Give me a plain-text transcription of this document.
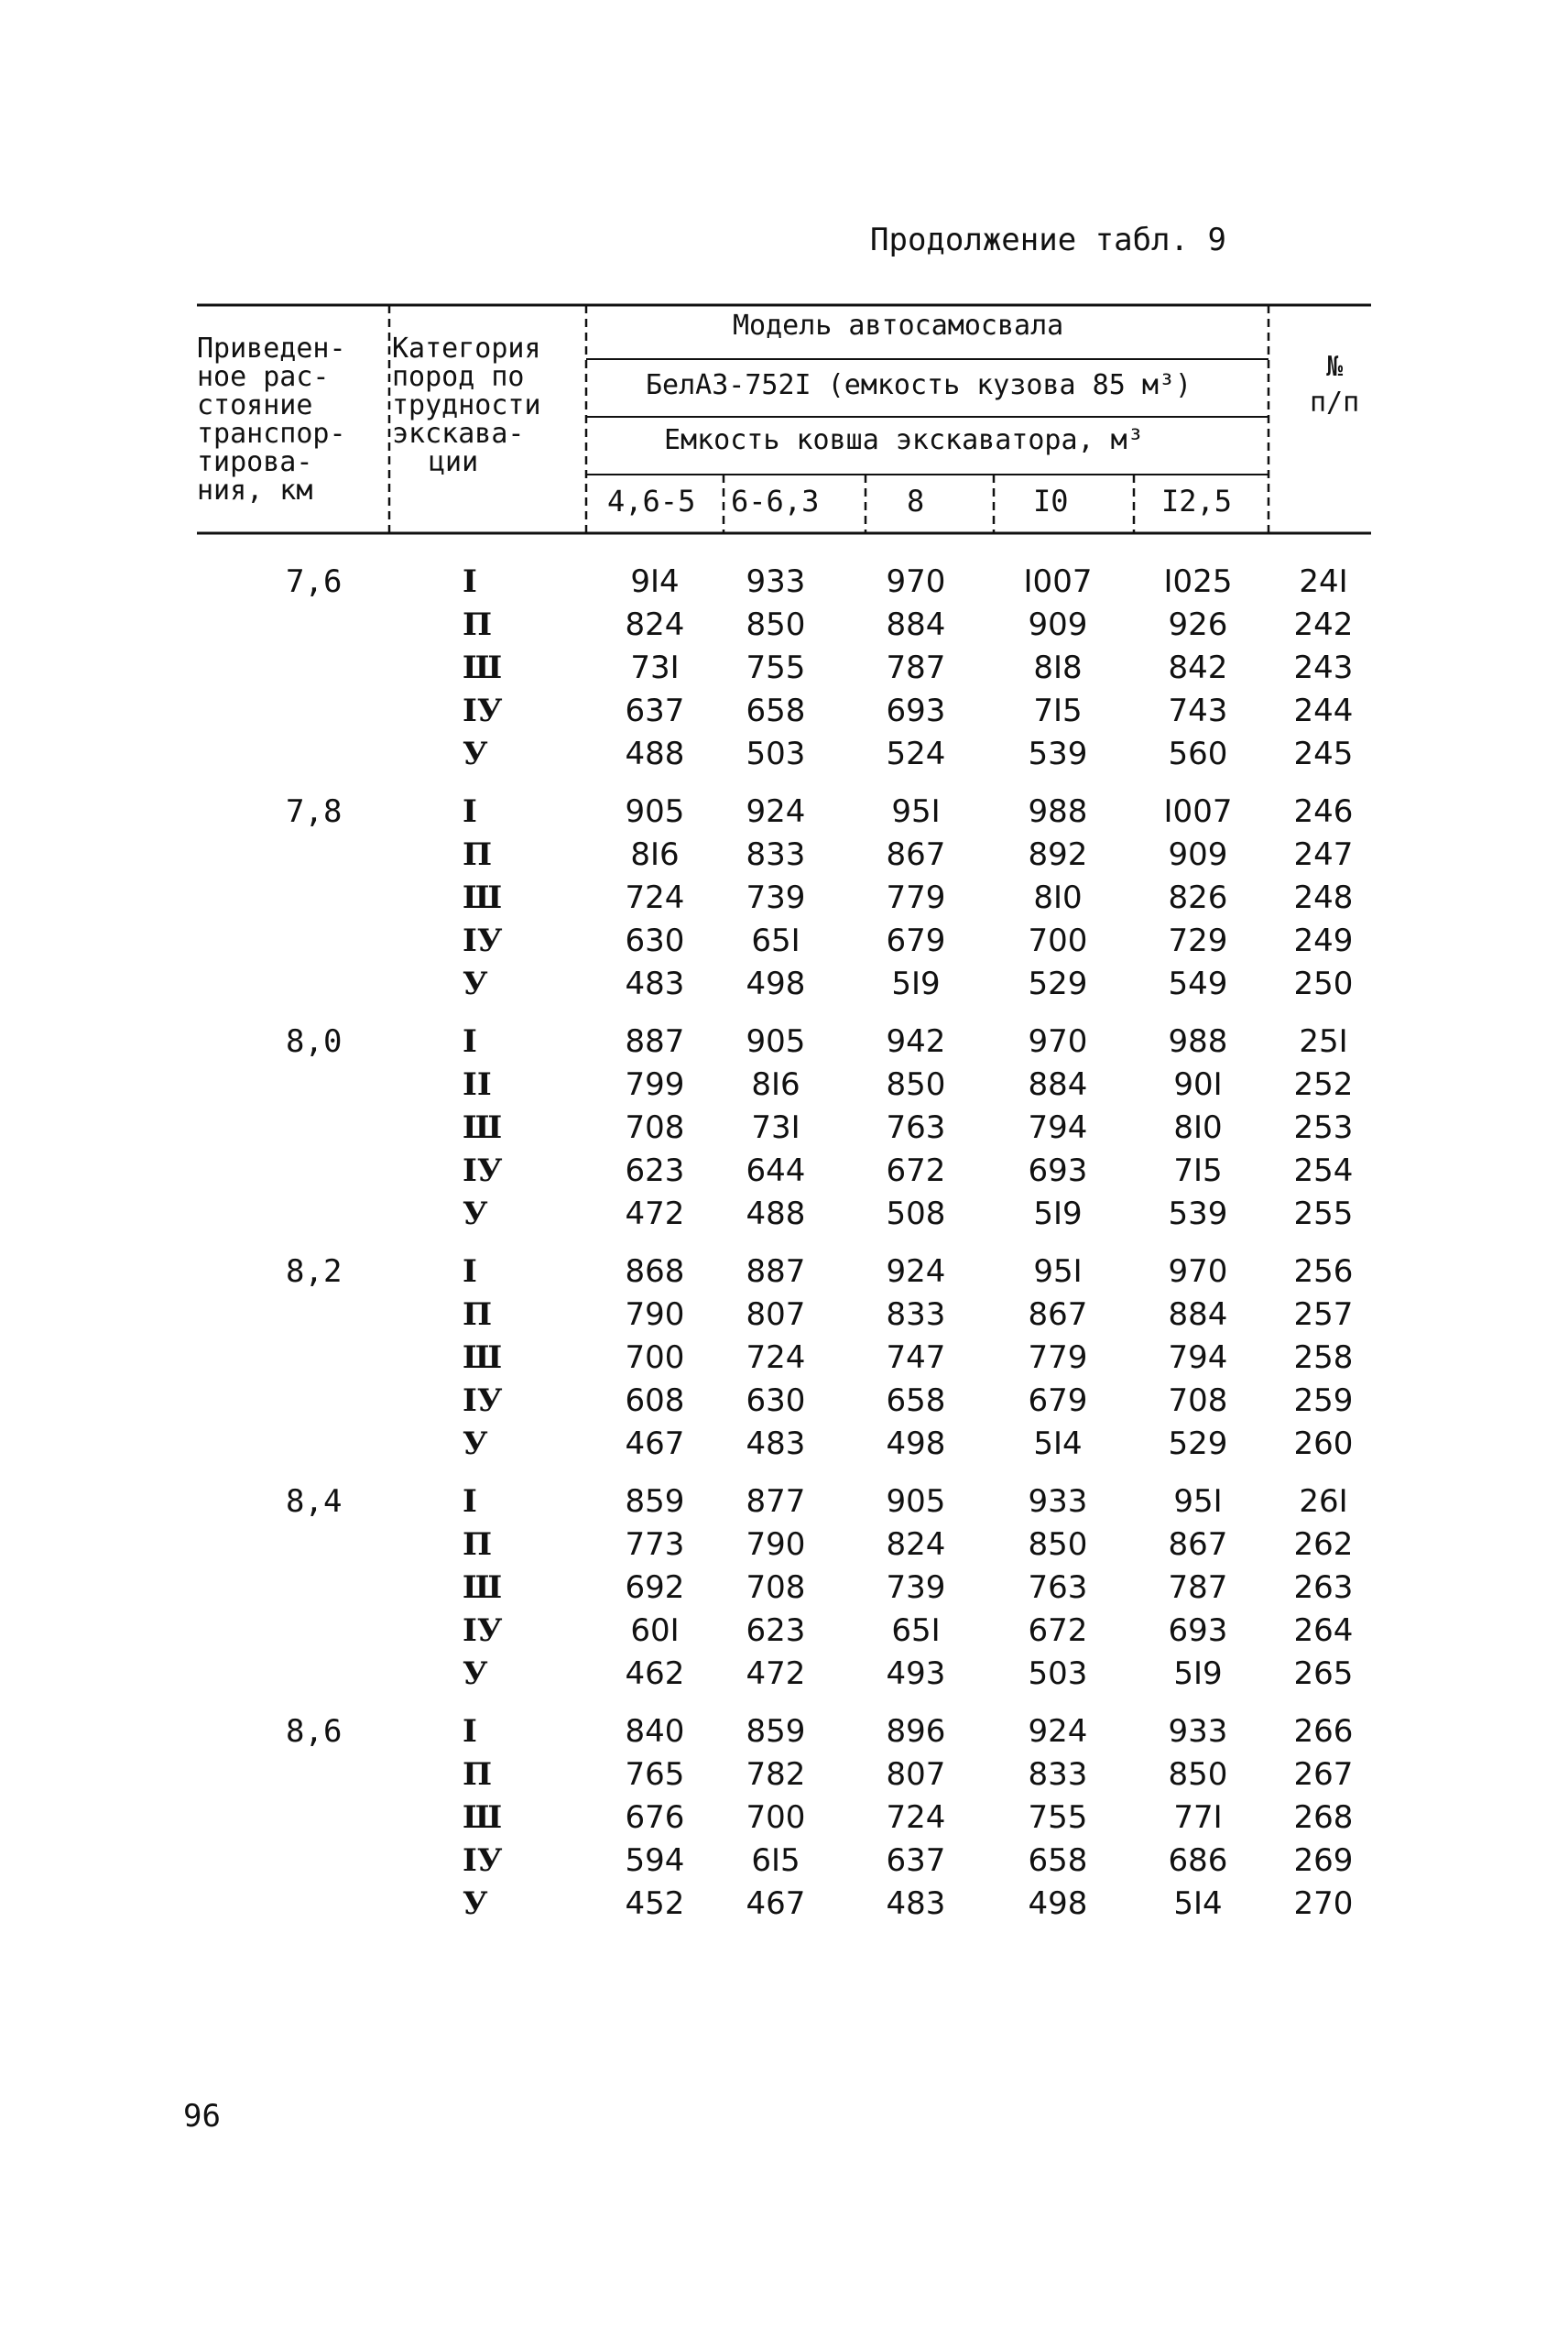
Продолжение табл. 9
Приведен-
ное рас-
стояние
транспор-
тирова-
ния, км
Категория
пород по
трудности
экскава-
ции
Модель автосамосвала
БелАЗ-752I (емкость кузова 85 м³)
Емкость ковша экскаватора, м³
№
п/п
4,6-5 6-6,3	8	I0	I2,5
7,6	I	9I4	933	970	I007	I025	24I
П	824	850	884	909	926	242
Ш	73I	755	787	8I8	842	243
IУ	637	658	693	7I5	743	244
У	488	503	524	539	560	245
7,8	I	905	924	95I	988	I007	246
П	8I6	833	867	892	909	247
Ш	724	739	779	8I0	826	248
IУ	630	65I	679	700	729	249
У	483	498	5I9	529	549	250
8,0	I	887	905	942	970	988	25I
II	799	8I6	850	884	90I	252
Ш	708	73I	763	794	8I0	253
IУ	623	644	672	693	7I5	254
У	472	488	508	5I9	539	255
8,2	I	868	887	924	95I	970	256
П	790	807	833	867	884	257
Ш	700	724	747	779	794	258
IУ	608	630	658	679	708	259
У	467	483	498	5I4	529	260
8,4	I	859	877	905	933	95I	26I
П	773	790	824	850	867	262
Ш	692	708	739	763	787	263
IУ	60I	623	65I	672	693	264
У	462	472	493	503	5I9	265
8,6	I	840	859	896	924	933	266
П	765	782	807	833	850	267
Ш	676	700	724	755	77I	268
IУ	594	6I5	637	658	686	269
У	452	467	483	498	5I4	270
96
